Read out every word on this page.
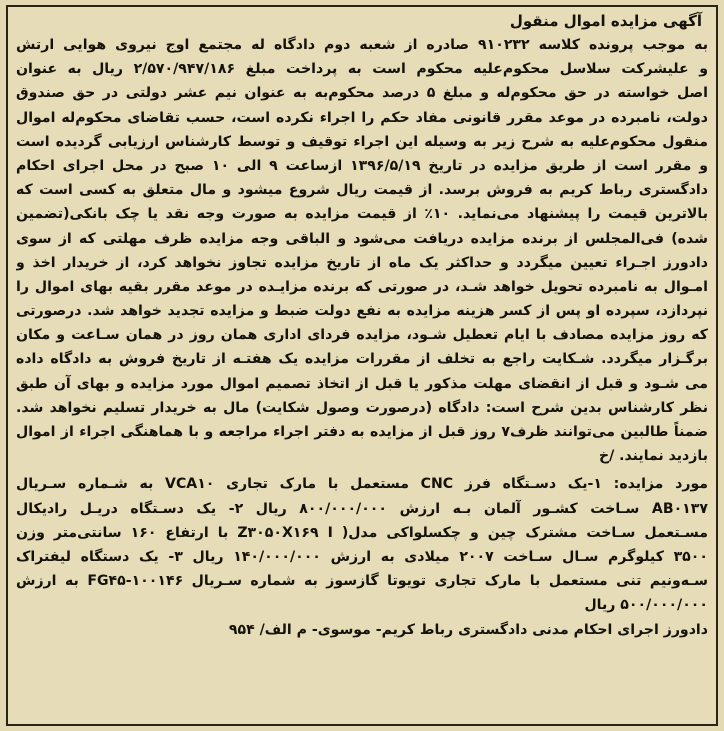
آگهی مزایده اموال منقول
به موجب پرونده کلاسه ۹۱۰۲۳۲ صادره از شعبه دوم دادگاه له مجتمع اوج نیروی هوایی ارتش
و علیشرکت سلاسل محکوم‌علیه محکوم است به پرداخت مبلغ ۲/۵۷۰/۹۴۷/۱۸۶ ریال به عنوان
اصل خواسته در حق محکوم‌له و مبلغ ۵ درصد محکوم‌به به عنوان نیم عشر دولتی در حق صندوق
دولت، نامبرده در موعد مقرر قانونی مفاد حکم را اجراء نکرده است، حسب تقاضای محکوم‌له اموال
منقول محکوم‌علیه به شرح زیر به وسیله این اجراء توقیف و توسط کارشناس ارزیابی گردیده است
و مقرر است از طریق مزایده در تاریخ ۱۳۹۶/۵/۱۹ ازساعت ۹ الی ۱۰ صبح در محل اجرای احکام
دادگستری رباط کریم به فروش برسد. از قیمت ریال شروع میشود و مال متعلق به کسی است که
بالاترین قیمت را پیشنهاد می‌نماید. ۱۰٪ از قیمت مزایده به صورت وجه نقد یا چک بانکی(تضمین
شده) فی‌المجلس از برنده مزایده دریافت می‌شود و الباقی وجه مزایده ظرف مهلتی که از سوی
دادورز اجـراء تعیین میگردد و حداکثر یک ماه از تاریخ مزایده تجاوز نخواهد کرد، از خریدار اخذ و
امـوال به نامبرده تحویل خواهد شـد، در صورتی که برنده مزایـده در موعد مقرر بقیه بهای اموال را
نپردازد، سپرده او پس از کسر هزینه مزایده به نفع دولت ضبط و مزایده تجدید خواهد شد. درصورتی
که روز مزایده مصادف با ایام تعطیل شـود، مزایده فردای اداری همان روز در همان سـاعت و مکان
برگـزار میگردد. شـکایت راجع به تخلف از مقررات مزایده یک هفتـه از تاریخ فروش به دادگاه داده
می شـود و قبل از انقضای مهلت مذکور یا قبل از اتخاذ تصمیم اموال مورد مزایده و بهای آن طبق
نظر کارشناس بدین شرح است: دادگاه (درصورت وصول شکایت) مال به خریدار تسلیم نخواهد شد.
ضمناً طالبین می‌توانند ظرف۷ روز قبل از مزایده به دفتر اجراء مراجعه و با هماهنگی اجراء از اموال
بازدید نمایند. /خ
مورد مزایده: ۱-یک دسـتگاه فرز CNC مستعمل با مارک تجاری VCA۱۰ به شـماره سـریال
AB۰۱۳۷ سـاخت کشـور آلمان بـه ارزش ۸۰۰/۰۰۰/۰۰۰ ریال ۲- یک دسـتگاه دریـل رادیکال
مسـتعمل سـاخت مشترک چین و چکسلواکی مدل( Z۳۰۵۰X۱۶۹ I با ارتفاع ۱۶۰ سانتی‌متر وزن
۳۵۰۰ کیلوگرم سـال سـاخت ۲۰۰۷ میلادی به ارزش ۱۴۰/۰۰۰/۰۰۰ ریال ۳- یک دستگاه لیفتراک
سـه‌ونیم تنی مستعمل با مارک تجاری تویوتا گازسوز به شماره سـریال ۱۰۰۱۴۶-FG۴۵ به ارزش
۵۰۰/۰۰۰/۰۰۰ ریال
دادورز اجرای احکام مدنی دادگستری رباط کریم- موسوی- م الف/ ۹۵۴
